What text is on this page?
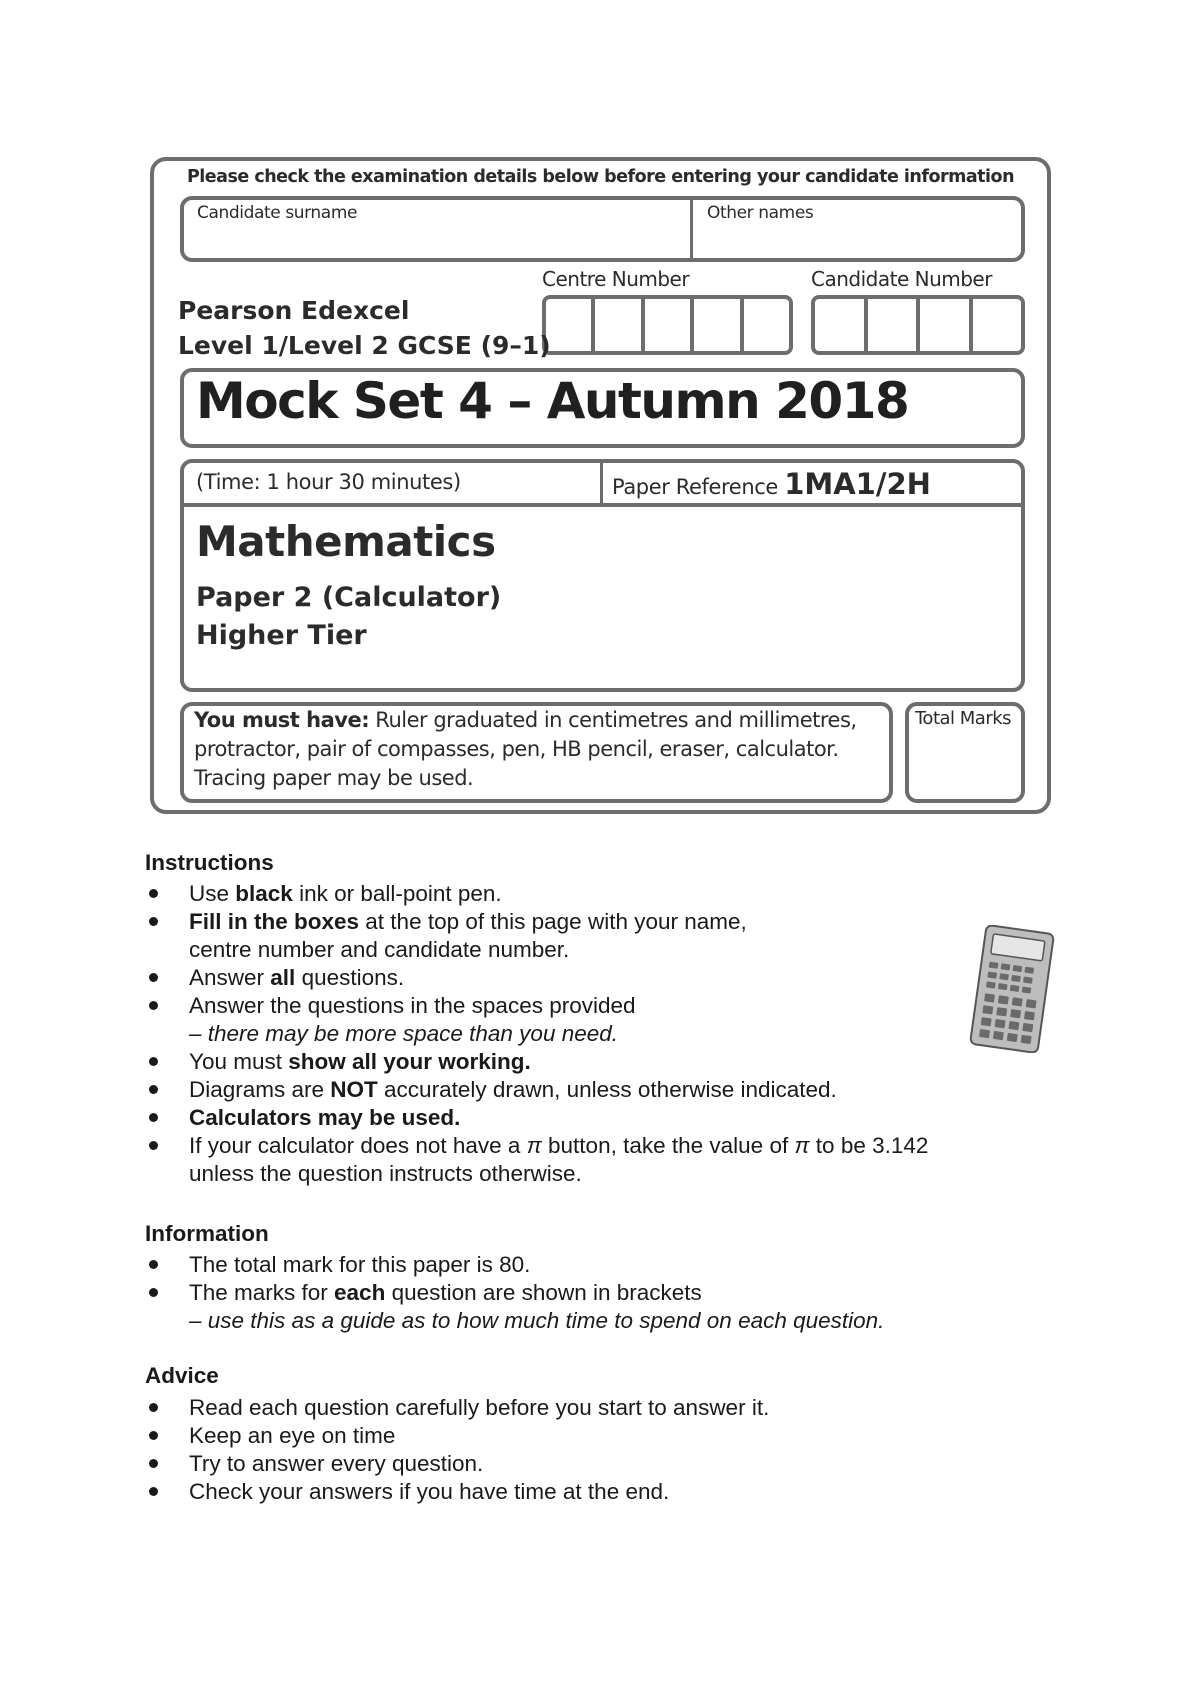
Please check the examination details below before entering your candidate information
Candidate surname	Other names
Centre Number	Candidate Number
Pearson Edexcel
Level 1/Level 2 GCSE (9–1)
Mock Set 4 – Autumn 2018
(Time: 1 hour 30 minutes)	Paper Reference 1MA1/2H
Mathematics
Paper 2 (Calculator)
Higher Tier
You must have: Ruler graduated in centimetres and millimetres, protractor, pair of compasses, pen, HB pencil, eraser, calculator. Tracing paper may be used.
Total Marks
Instructions
Use black ink or ball-point pen.
Fill in the boxes at the top of this page with your name,
centre number and candidate number.
Answer all questions.
Answer the questions in the spaces provided
– there may be more space than you need.
You must show all your working.
Diagrams are NOT accurately drawn, unless otherwise indicated.
Calculators may be used.
If your calculator does not have a π button, take the value of π to be 3.142
unless the question instructs otherwise.
Information
The total mark for this paper is 80.
The marks for each question are shown in brackets
– use this as a guide as to how much time to spend on each question.
Advice
Read each question carefully before you start to answer it.
Keep an eye on time
Try to answer every question.
Check your answers if you have time at the end.
